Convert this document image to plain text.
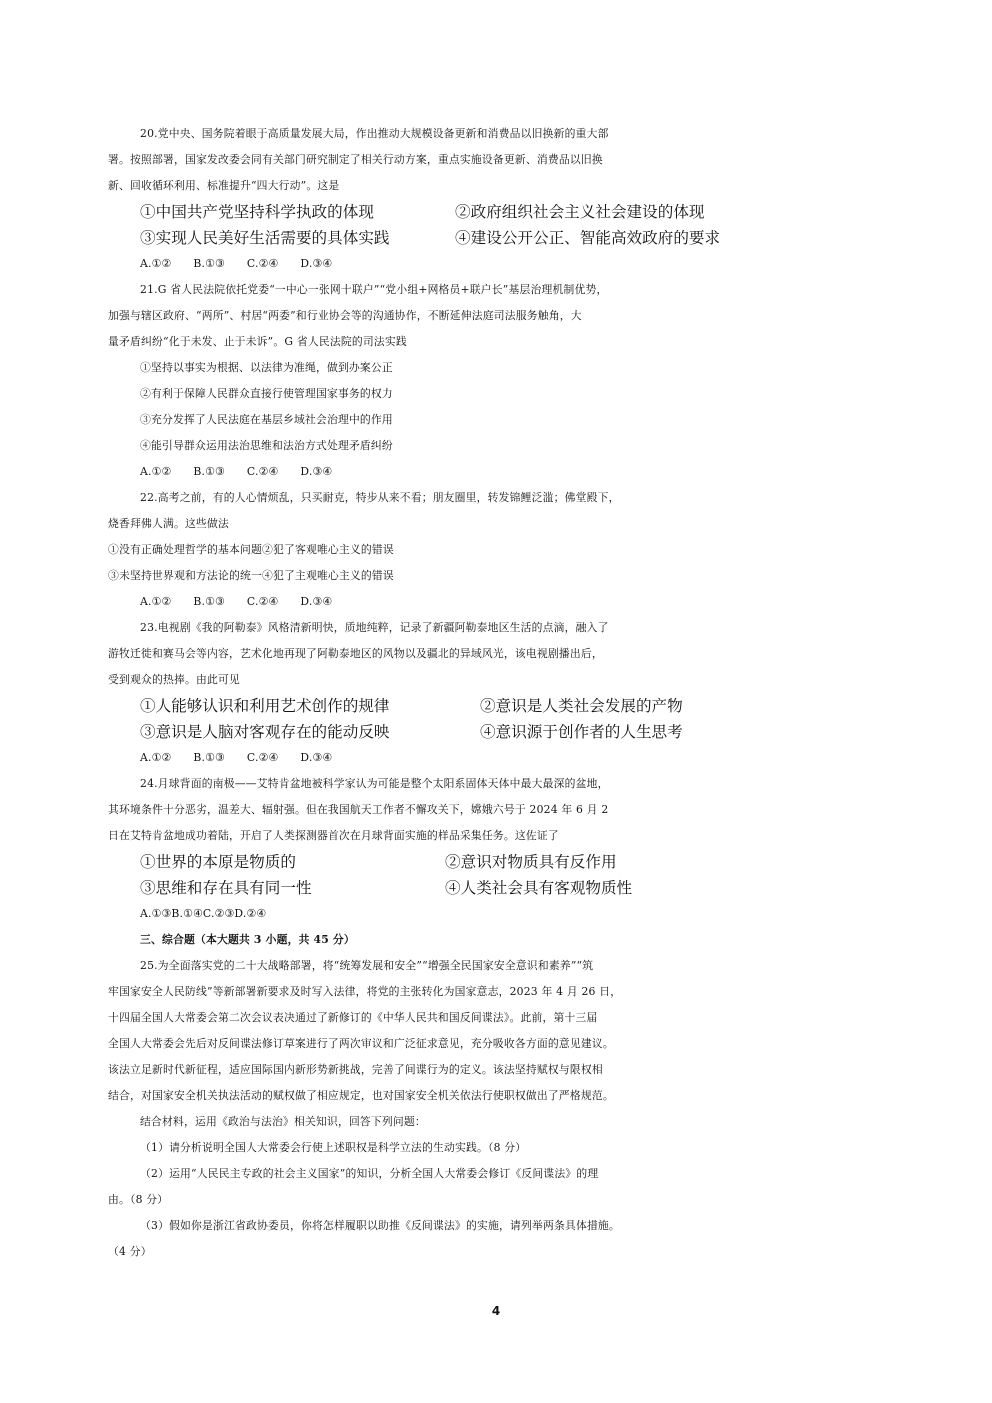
20.党中央、国务院着眼于高质量发展大局，作出推动大规模设备更新和消费品以旧换新的重大部
署。按照部署，国家发改委会同有关部门研究制定了相关行动方案，重点实施设备更新、消费品以旧换
新、回收循环利用、标准提升“四大行动”。这是
①中国共产党坚持科学执政的体现	②政府组织社会主义社会建设的体现
③实现人民美好生活需要的具体实践	④建设公开公正、智能高效政府的要求
A.①②　　B.①③　　C.②④　　D.③④
21.G 省人民法院依托党委“一中心一张网十联户”“党小组+网格员+联户长”基层治理机制优势，
加强与辖区政府、“两所”、村居“两委”和行业协会等的沟通协作，不断延伸法庭司法服务触角，大
量矛盾纠纷“化于未发、止于未诉”。G 省人民法院的司法实践
①坚持以事实为根据、以法律为准绳，做到办案公正
②有利于保障人民群众直接行使管理国家事务的权力
③充分发挥了人民法庭在基层乡域社会治理中的作用
④能引导群众运用法治思维和法治方式处理矛盾纠纷
A.①②　　B.①③　　C.②④　　D.③④
22.高考之前，有的人心情烦乱，只买耐克，特步从来不看；朋友圈里，转发锦鲤泛滥；佛堂殿下，
烧香拜佛人满。这些做法
①没有正确处理哲学的基本问题②犯了客观唯心主义的错误
③未坚持世界观和方法论的统一④犯了主观唯心主义的错误
A.①②　　B.①③　　C.②④　　D.③④
23.电视剧《我的阿勒泰》风格清新明快，质地纯粹，记录了新疆阿勒泰地区生活的点滴，融入了
游牧迁徙和赛马会等内容，艺术化地再现了阿勒泰地区的风物以及疆北的异域风光，该电视剧播出后，
受到观众的热捧。由此可见
①人能够认识和利用艺术创作的规律	②意识是人类社会发展的产物
③意识是人脑对客观存在的能动反映	④意识源于创作者的人生思考
A.①②　　B.①③　　C.②④　　D.③④
24.月球背面的南极——艾特肯盆地被科学家认为可能是整个太阳系固体天体中最大最深的盆地，
其环境条件十分恶劣，温差大、辐射强。但在我国航天工作者不懈攻关下，嫦娥六号于 2024 年 6 月 2
日在艾特肯盆地成功着陆，开启了人类探测器首次在月球背面实施的样品采集任务。这佐证了
①世界的本原是物质的	②意识对物质具有反作用
③思维和存在具有同一性	④人类社会具有客观物质性
A.①③B.①④C.②③D.②④
三、综合题（本大题共 3 小题，共 45 分）
25.为全面落实党的二十大战略部署，将“统筹发展和安全”“增强全民国家安全意识和素养”“筑
牢国家安全人民防线”等新部署新要求及时写入法律，将党的主张转化为国家意志，2023 年 4 月 26 日，
十四届全国人大常委会第二次会议表决通过了新修订的《中华人民共和国反间谍法》。此前，第十三届
全国人大常委会先后对反间谍法修订草案进行了两次审议和广泛征求意见，充分吸收各方面的意见建议。
该法立足新时代新征程，适应国际国内新形势新挑战，完善了间谍行为的定义。该法坚持赋权与限权相
结合，对国家安全机关执法活动的赋权做了相应规定，也对国家安全机关依法行使职权做出了严格规范。
结合材料，运用《政治与法治》相关知识，回答下列问题：
（1）请分析说明全国人大常委会行使上述职权是科学立法的生动实践。（8 分）
（2）运用“人民民主专政的社会主义国家”的知识，分析全国人大常委会修订《反间谍法》的理
由。（8 分）
（3）假如你是浙江省政协委员，你将怎样履职以助推《反间谍法》的实施，请列举两条具体措施。
（4 分）
4
